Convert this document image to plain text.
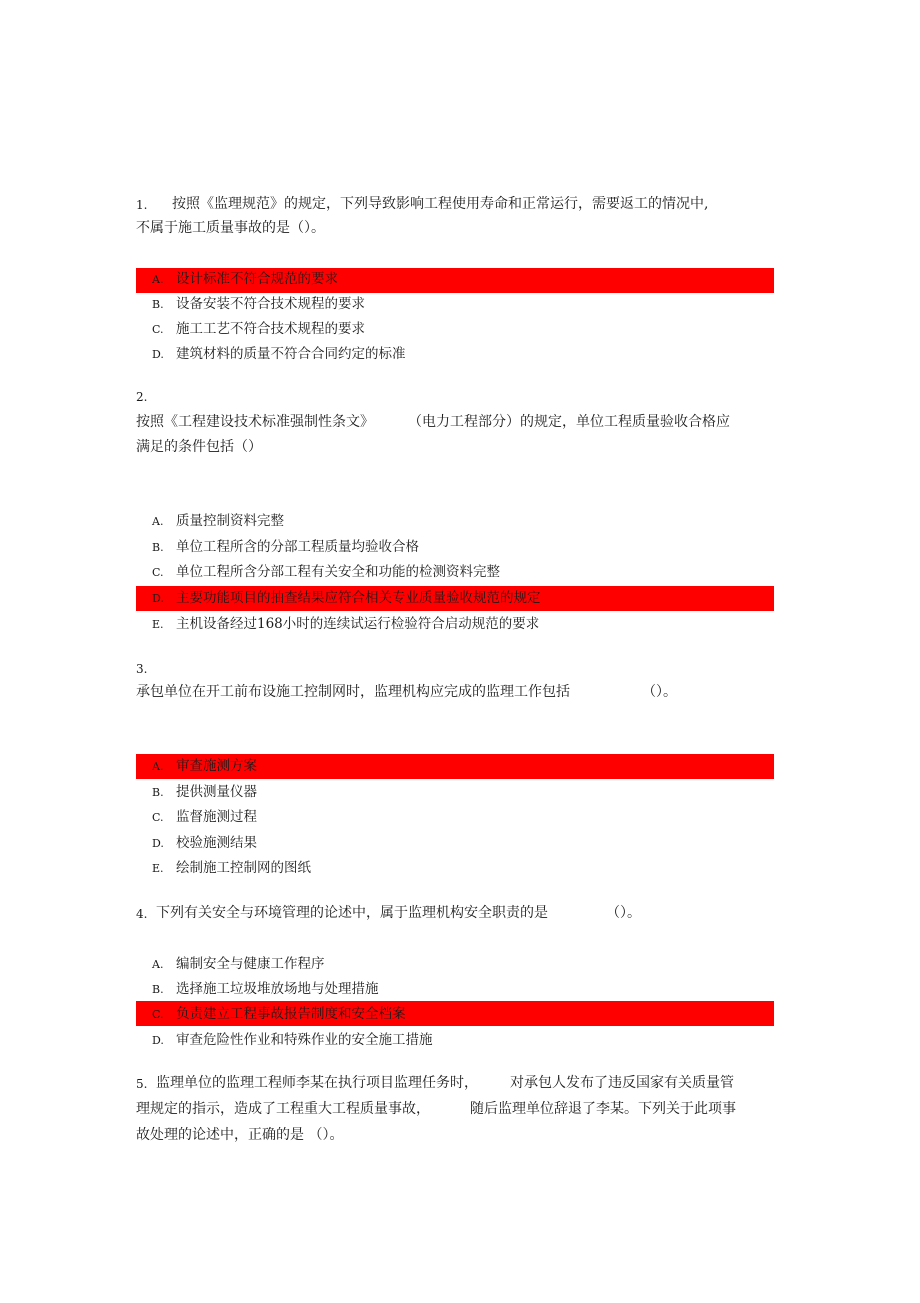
1. 按照《监理规范》的规定，下列导致影响工程使用寿命和正常运行，需要返工的情况中,
不属于施工质量事故的是（）。
A. 设计标准不符合规范的要求
B. 设备安装不符合技术规程的要求
C. 施工工艺不符合技术规程的要求
D. 建筑材料的质量不符合合同约定的标准
2.
按照《工程建设技术标准强制性条文》 （电力工程部分）的规定，单位工程质量验收合格应
满足的条件包括（）
A. 质量控制资料完整
B. 单位工程所含的分部工程质量均验收合格
C. 单位工程所含分部工程有关安全和功能的检测资料完整
D. 主要功能项目的抽查结果应符合相关专业质量验收规范的规定
E. 主机设备经过168小时的连续试运行检验符合启动规范的要求
3.
承包单位在开工前布设施工控制网时，监理机构应完成的监理工作包括	（）。
A. 审查施测方案
B. 提供测量仪器
C. 监督施测过程
D. 校验施测结果
E. 绘制施工控制网的图纸
4. 下列有关安全与环境管理的论述中，属于监理机构安全职责的是	（）。
A. 编制安全与健康工作程序
B. 选择施工垃圾堆放场地与处理措施
C. 负责建立工程事故报告制度和安全档案
D. 审查危险性作业和特殊作业的安全施工措施
5. 监理单位的监理工程师李某在执行项目监理任务时， 对承包人发布了违反国家有关质量管
理规定的指示，造成了工程重大工程质量事故，	随后监理单位辞退了李某。下列关于此项事
故处理的论述中，正确的是 （）。
